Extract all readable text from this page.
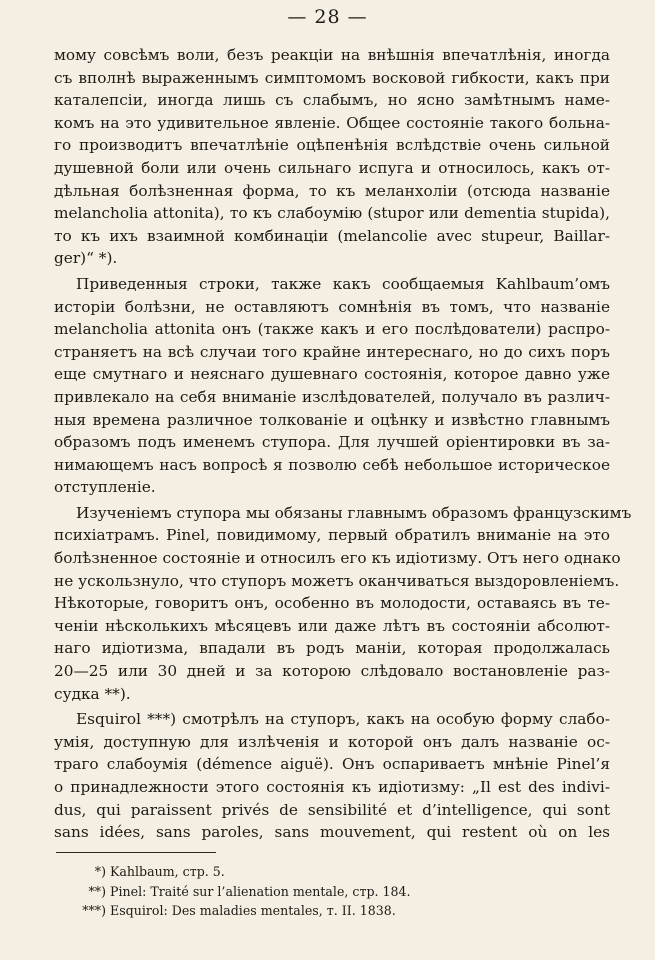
— 28 —
мому совсѣмъ воли, безъ реакціи на внѣшнія впечатлѣнія, иногда
съ вполнѣ выраженнымъ симптомомъ восковой гибкости, какъ при
каталепсіи, иногда лишь съ слабымъ, но ясно замѣтнымъ наме-
комъ на это удивительное явленіе. Общее состояніе такого больна-
го производитъ впечатлѣніе оцѣпенѣнія вслѣдствіе очень сильной
душевной боли или очень сильнаго испуга и относилось, какъ от-
дѣльная болѣзненная форма, то къ меланхоліи (отсюда названіе
melancholia attonita), то къ слабоумію (stupor или dementia stupida),
то къ ихъ взаимной комбинаціи (melancolie avec stupeur, Baillar-
ger)“ *).
Приведенныя строки, также какъ сообщаемыя Kahlbaum’омъ
исторіи болѣзни, не оставляютъ сомнѣнія въ томъ, что названіе
melancholia attonita онъ (также какъ и его послѣдователи) распро-
страняетъ на всѣ случаи того крайне интереснаго, но до сихъ поръ
еще смутнаго и неяснаго душевнаго состоянія, которое давно уже
привлекало на себя вниманіе изслѣдователей, получало въ различ-
ныя времена различное толкованіе и оцѣнку и извѣстно главнымъ
образомъ подъ именемъ ступора. Для лучшей оріентировки въ за-
нимающемъ насъ вопросѣ я позволю себѣ небольшое историческое
отступленіе.
Изученіемъ ступора мы обязаны главнымъ образомъ французскимъ
психіатрамъ. Pinel, повидимому, первый обратилъ вниманіе на это
болѣзненное состояніе и относилъ его къ идіотизму. Отъ него однако
не ускользнуло, что ступоръ можетъ оканчиваться выздоровленіемъ.
Нѣкоторые, говоритъ онъ, особенно въ молодости, оставаясь въ те-
ченіи нѣсколькихъ мѣсяцевъ или даже лѣтъ въ состояніи абсолют-
наго идіотизма, впадали въ родъ маніи, которая продолжалась
20—25 или 30 дней и за которою слѣдовало востановленіе раз-
судка **).
Esquirol ***) смотрѣлъ на ступоръ, какъ на особую форму слабо-
умія, доступную для излѣченія и которой онъ далъ названіе ос-
траго слабоумія (démence aiguë). Онъ оспариваетъ мнѣніе Pinel’я
о принадлежности этого состоянія къ идіотизму: „Il est des indivi-
dus, qui paraissent privés de sensibilité et d’intelligence, qui sont
sans idées, sans paroles, sans mouvement, qui restent où on les
*) Kahlbaum, стр. 5.
**) Pinel: Traité sur l’alienation mentale, стр. 184.
***) Esquirol: Des maladies mentales, т. II. 1838.
